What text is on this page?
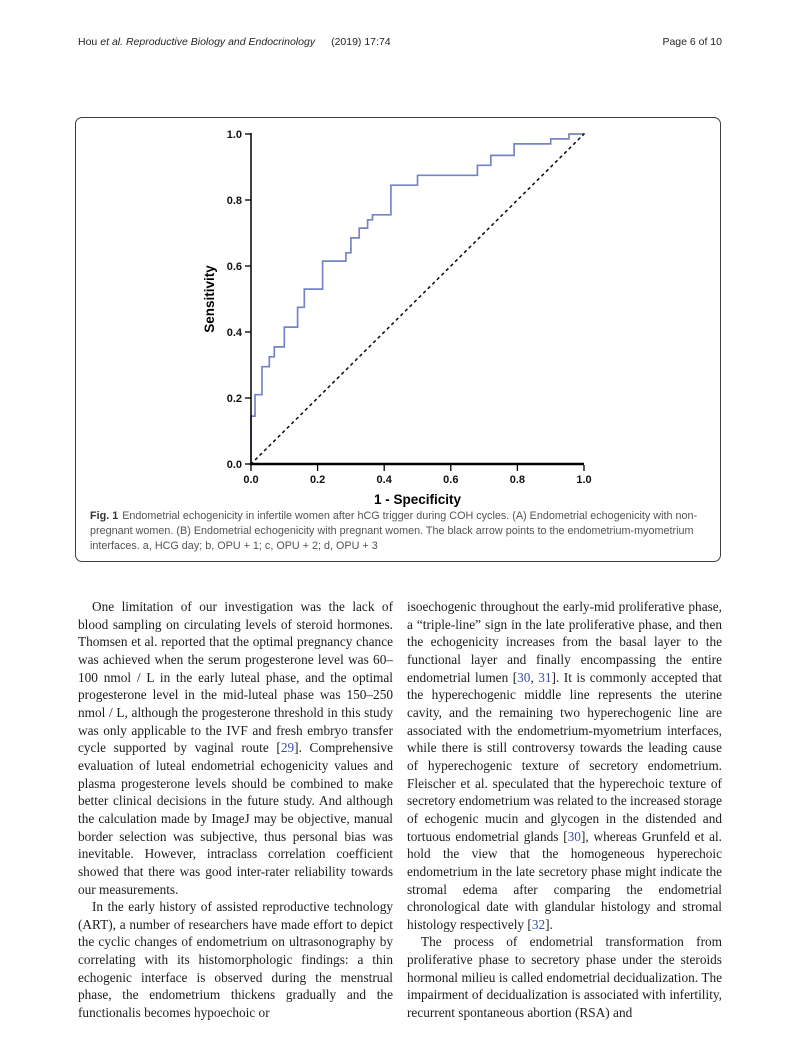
Hou et al. Reproductive Biology and Endocrinology (2019) 17:74	Page 6 of 10
0.0
0.2
0.4
0.6
0.8
1.0
0.0	0.2	0.4	0.6	0.8	1.0
Sensitivity
1 - Specificity
Fig. 1 Endometrial echogenicity in infertile women after hCG trigger during COH cycles. (A) Endometrial echogenicity with non-pregnant women. (B) Endometrial echogenicity with pregnant women. The black arrow points to the endometrium-myometrium interfaces. a, HCG day; b, OPU + 1; c, OPU + 2; d, OPU + 3

One limitation of our investigation was the lack of blood sampling on circulating levels of steroid hormones. Thomsen et al. reported that the optimal pregnancy chance was achieved when the serum progesterone level was 60–100 nmol / L in the early luteal phase, and the optimal progesterone level in the mid-luteal phase was 150–250 nmol / L, although the progesterone threshold in this study was only applicable to the IVF and fresh embryo transfer cycle supported by vaginal route [29]. Comprehensive evaluation of luteal endometrial echogenicity values and plasma progesterone levels should be combined to make better clinical decisions in the future study. And although the calculation made by ImageJ may be objective, manual border selection was subjective, thus personal bias was inevitable. However, intraclass correlation coefficient showed that there was good inter-rater reliability towards our measurements.

In the early history of assisted reproductive technology (ART), a number of researchers have made effort to depict the cyclic changes of endometrium on ultrasonography by correlating with its histomorphologic findings: a thin echogenic interface is observed during the menstrual phase, the endometrium thickens gradually and the functionalis becomes hypoechoic or

isoechogenic throughout the early-mid proliferative phase, a “triple-line” sign in the late proliferative phase, and then the echogenicity increases from the basal layer to the functional layer and finally encompassing the entire endometrial lumen [30, 31]. It is commonly accepted that the hyperechogenic middle line represents the uterine cavity, and the remaining two hyperechogenic line are associated with the endometrium-myometrium interfaces, while there is still controversy towards the leading cause of hyperechogenic texture of secretory endometrium. Fleischer et al. speculated that the hyperechoic texture of secretory endometrium was related to the increased storage of echogenic mucin and glycogen in the distended and tortuous endometrial glands [30], whereas Grunfeld et al. hold the view that the homogeneous hyperechoic endometrium in the late secretory phase might indicate the stromal edema after comparing the endometrial chronological date with glandular histology and stromal histology respectively [32].

The process of endometrial transformation from proliferative phase to secretory phase under the steroids hormonal milieu is called endometrial decidualization. The impairment of decidualization is associated with infertility, recurrent spontaneous abortion (RSA) and
